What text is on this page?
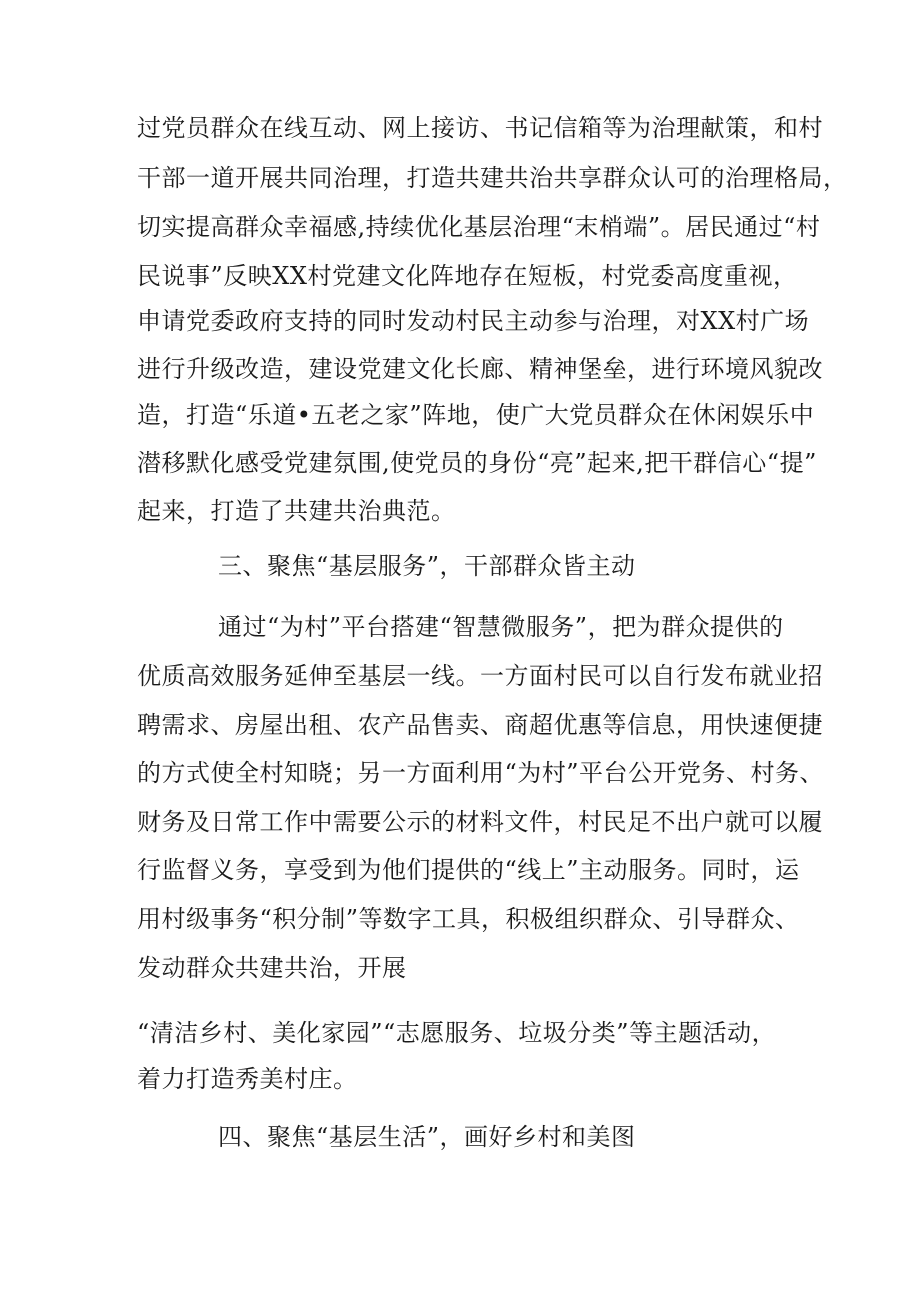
过党员群众在线互动、网上接访、书记信箱等为治理献策，和村
干部一道开展共同治理，打造共建共治共享群众认可的治理格局，
切实提高群众幸福感,持续优化基层治理“末梢端”。居民通过“村
民说事”反映XX村党建文化阵地存在短板，村党委高度重视，
申请党委政府支持的同时发动村民主动参与治理，对XX村广场
进行升级改造，建设党建文化长廊、精神堡垒，进行环境风貌改
造，打造“乐道•五老之家”阵地，使广大党员群众在休闲娱乐中
潜移默化感受党建氛围,使党员的身份“亮”起来,把干群信心“提”
起来，打造了共建共治典范。
三、聚焦“基层服务”，干部群众皆主动
通过“为村”平台搭建“智慧微服务”，把为群众提供的
优质高效服务延伸至基层一线。一方面村民可以自行发布就业招
聘需求、房屋出租、农产品售卖、商超优惠等信息，用快速便捷
的方式使全村知晓；另一方面利用“为村”平台公开党务、村务、
财务及日常工作中需要公示的材料文件，村民足不出户就可以履
行监督义务，享受到为他们提供的“线上”主动服务。同时，运
用村级事务“积分制”等数字工具，积极组织群众、引导群众、
发动群众共建共治，开展
“清洁乡村、美化家园”“志愿服务、垃圾分类”等主题活动，
着力打造秀美村庄。
四、聚焦“基层生活”，画好乡村和美图
